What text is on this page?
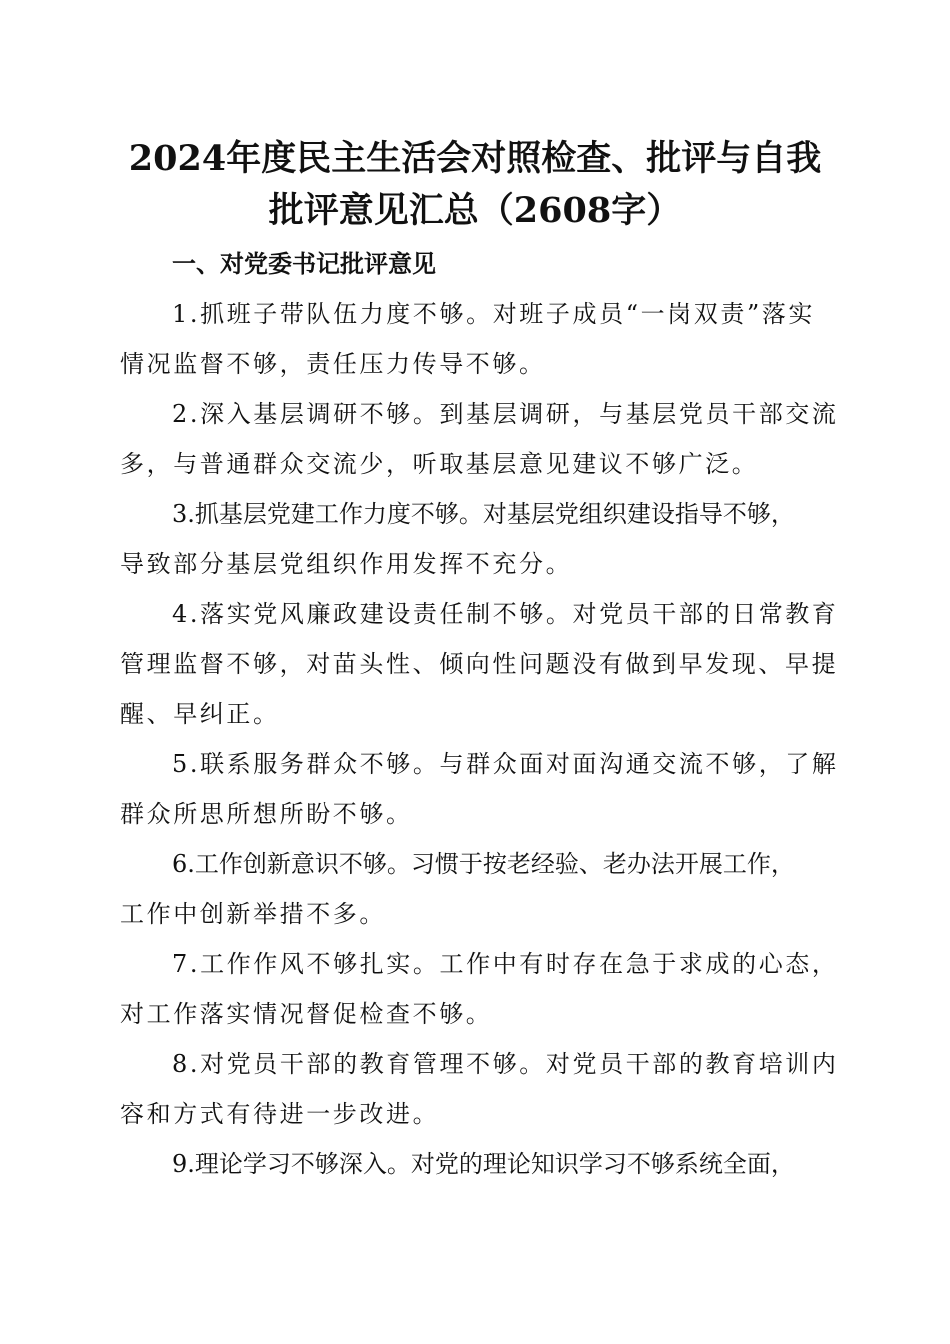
2024年度民主生活会对照检查、批评与自我
批评意见汇总（2608字）
一、对党委书记批评意见
1.抓班子带队伍力度不够。对班子成员“一岗双责”落实
情况监督不够，责任压力传导不够。
2.深入基层调研不够。到基层调研，与基层党员干部交流
多，与普通群众交流少，听取基层意见建议不够广泛。
3.抓基层党建工作力度不够。对基层党组织建设指导不够，
导致部分基层党组织作用发挥不充分。
4.落实党风廉政建设责任制不够。对党员干部的日常教育
管理监督不够，对苗头性、倾向性问题没有做到早发现、早提
醒、早纠正。
5.联系服务群众不够。与群众面对面沟通交流不够，了解
群众所思所想所盼不够。
6.工作创新意识不够。习惯于按老经验、老办法开展工作，
工作中创新举措不多。
7.工作作风不够扎实。工作中有时存在急于求成的心态，
对工作落实情况督促检查不够。
8.对党员干部的教育管理不够。对党员干部的教育培训内
容和方式有待进一步改进。
9.理论学习不够深入。对党的理论知识学习不够系统全面，
